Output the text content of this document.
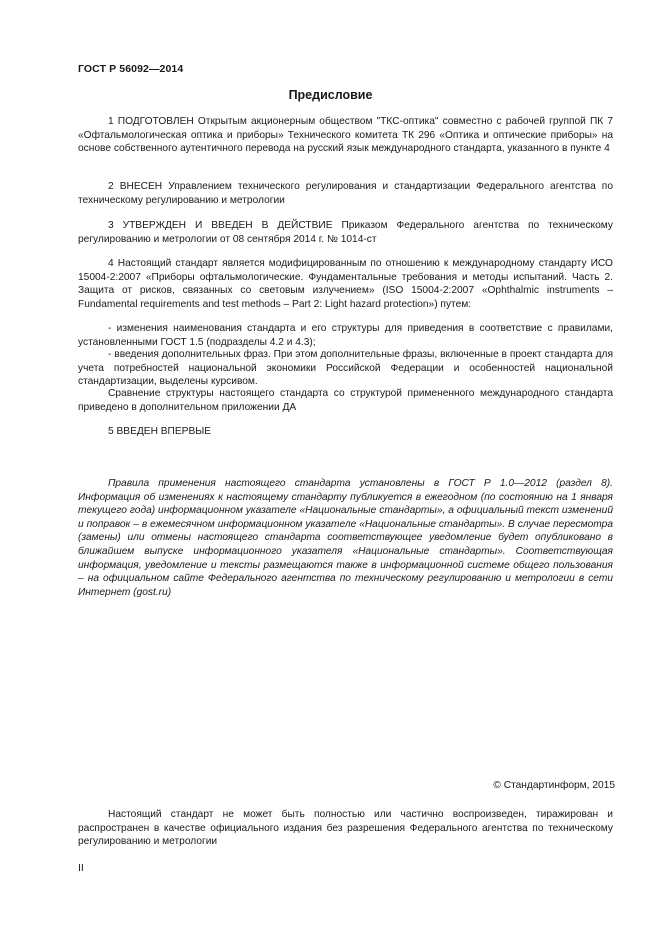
ГОСТ Р 56092—2014
Предисловие

1 ПОДГОТОВЛЕН Открытым акционерным обществом "ТКС-оптика" совместно с рабочей группой ПК 7 «Офтальмологическая оптика и приборы» Технического комитета ТК 296 «Оптика и оптические приборы» на основе собственного аутентичного перевода на русский язык международного стандарта, указанного в пункте 4

2 ВНЕСЕН Управлением технического регулирования и стандартизации Федерального агентства по техническому регулированию и метрологии

3 УТВЕРЖДЕН И ВВЕДЕН В ДЕЙСТВИЕ Приказом Федерального агентства по техническому регулированию и метрологии от 08 сентября 2014 г. № 1014-ст

4 Настоящий стандарт является модифицированным по отношению к международному стандарту ИСО 15004-2:2007 «Приборы офтальмологические. Фундаментальные требования и методы испытаний. Часть 2. Защита от рисков, связанных со световым излучением» (ISO 15004-2:2007 «Ophthalmic instruments – Fundamental requirements and test methods – Part 2: Light hazard protection») путем:

- изменения наименования стандарта и его структуры для приведения в соответствие с правилами, установленными ГОСТ 1.5 (подразделы 4.2 и 4.3);

- введения дополнительных фраз. При этом дополнительные фразы, включенные в проект стандарта для учета потребностей национальной экономики Российской Федерации и особенностей национальной стандартизации, выделены курсивом.

Сравнение структуры настоящего стандарта со структурой примененного международного стандарта приведено в дополнительном приложении ДА

5 ВВЕДЕН ВПЕРВЫЕ

Правила применения настоящего стандарта установлены в ГОСТ Р 1.0—2012 (раздел 8). Информация об изменениях к настоящему стандарту публикуется в ежегодном (по состоянию на 1 января текущего года) информационном указателе «Национальные стандарты», а официальный текст изменений и поправок – в ежемесячном информационном указателе «Национальные стандарты». В случае пересмотра (замены) или отмены настоящего стандарта соответствующее уведомление будет опубликовано в ближайшем выпуске информационного указателя «Национальные стандарты». Соответствующая информация, уведомление и тексты размещаются также в информационной системе общего пользования – на официальном сайте Федерального агентства по техническому регулированию и метрологии в сети Интернет (gost.ru)

© Стандартинформ, 2015

Настоящий стандарт не может быть полностью или частично воспроизведен, тиражирован и распространен в качестве официального издания без разрешения Федерального агентства по техническому регулированию и метрологии

II
